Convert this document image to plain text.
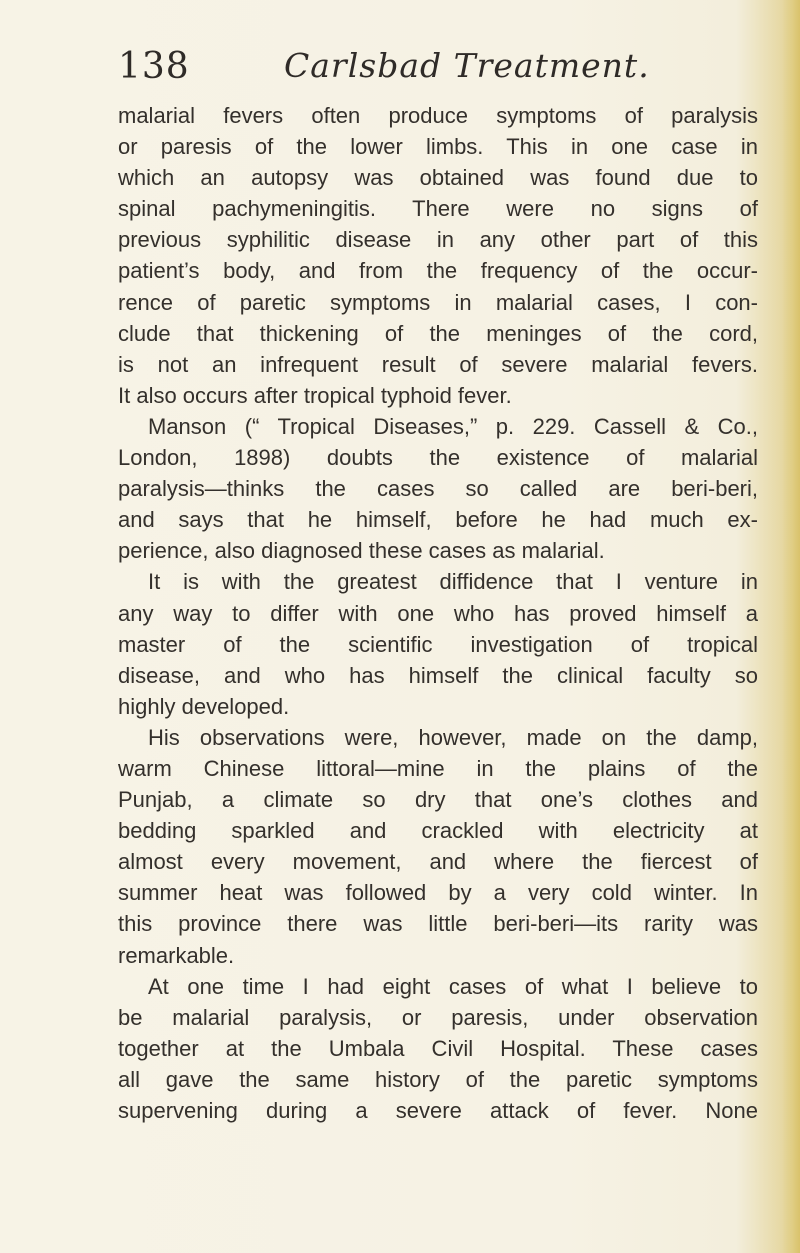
138	Carlsbad Treatment.
malarial fevers often produce symptoms of paralysis
or paresis of the lower limbs. This in one case in
which an autopsy was obtained was found due to
spinal pachymeningitis. There were no signs of
previous syphilitic disease in any other part of this
patient’s body, and from the frequency of the occur-
rence of paretic symptoms in malarial cases, I con-
clude that thickening of the meninges of the cord,
is not an infrequent result of severe malarial fevers.
It also occurs after tropical typhoid fever.
Manson (“ Tropical Diseases,” p. 229. Cassell & Co.,
London, 1898) doubts the existence of malarial
paralysis—thinks the cases so called are beri-beri,
and says that he himself, before he had much ex-
perience, also diagnosed these cases as malarial.
It is with the greatest diffidence that I venture in
any way to differ with one who has proved himself a
master of the scientific investigation of tropical
disease, and who has himself the clinical faculty so
highly developed.
His observations were, however, made on the damp,
warm Chinese littoral—mine in the plains of the
Punjab, a climate so dry that one’s clothes and
bedding sparkled and crackled with electricity at
almost every movement, and where the fiercest of
summer heat was followed by a very cold winter. In
this province there was little beri-beri—its rarity was
remarkable.
At one time I had eight cases of what I believe to
be malarial paralysis, or paresis, under observation
together at the Umbala Civil Hospital. These cases
all gave the same history of the paretic symptoms
supervening during a severe attack of fever. None
